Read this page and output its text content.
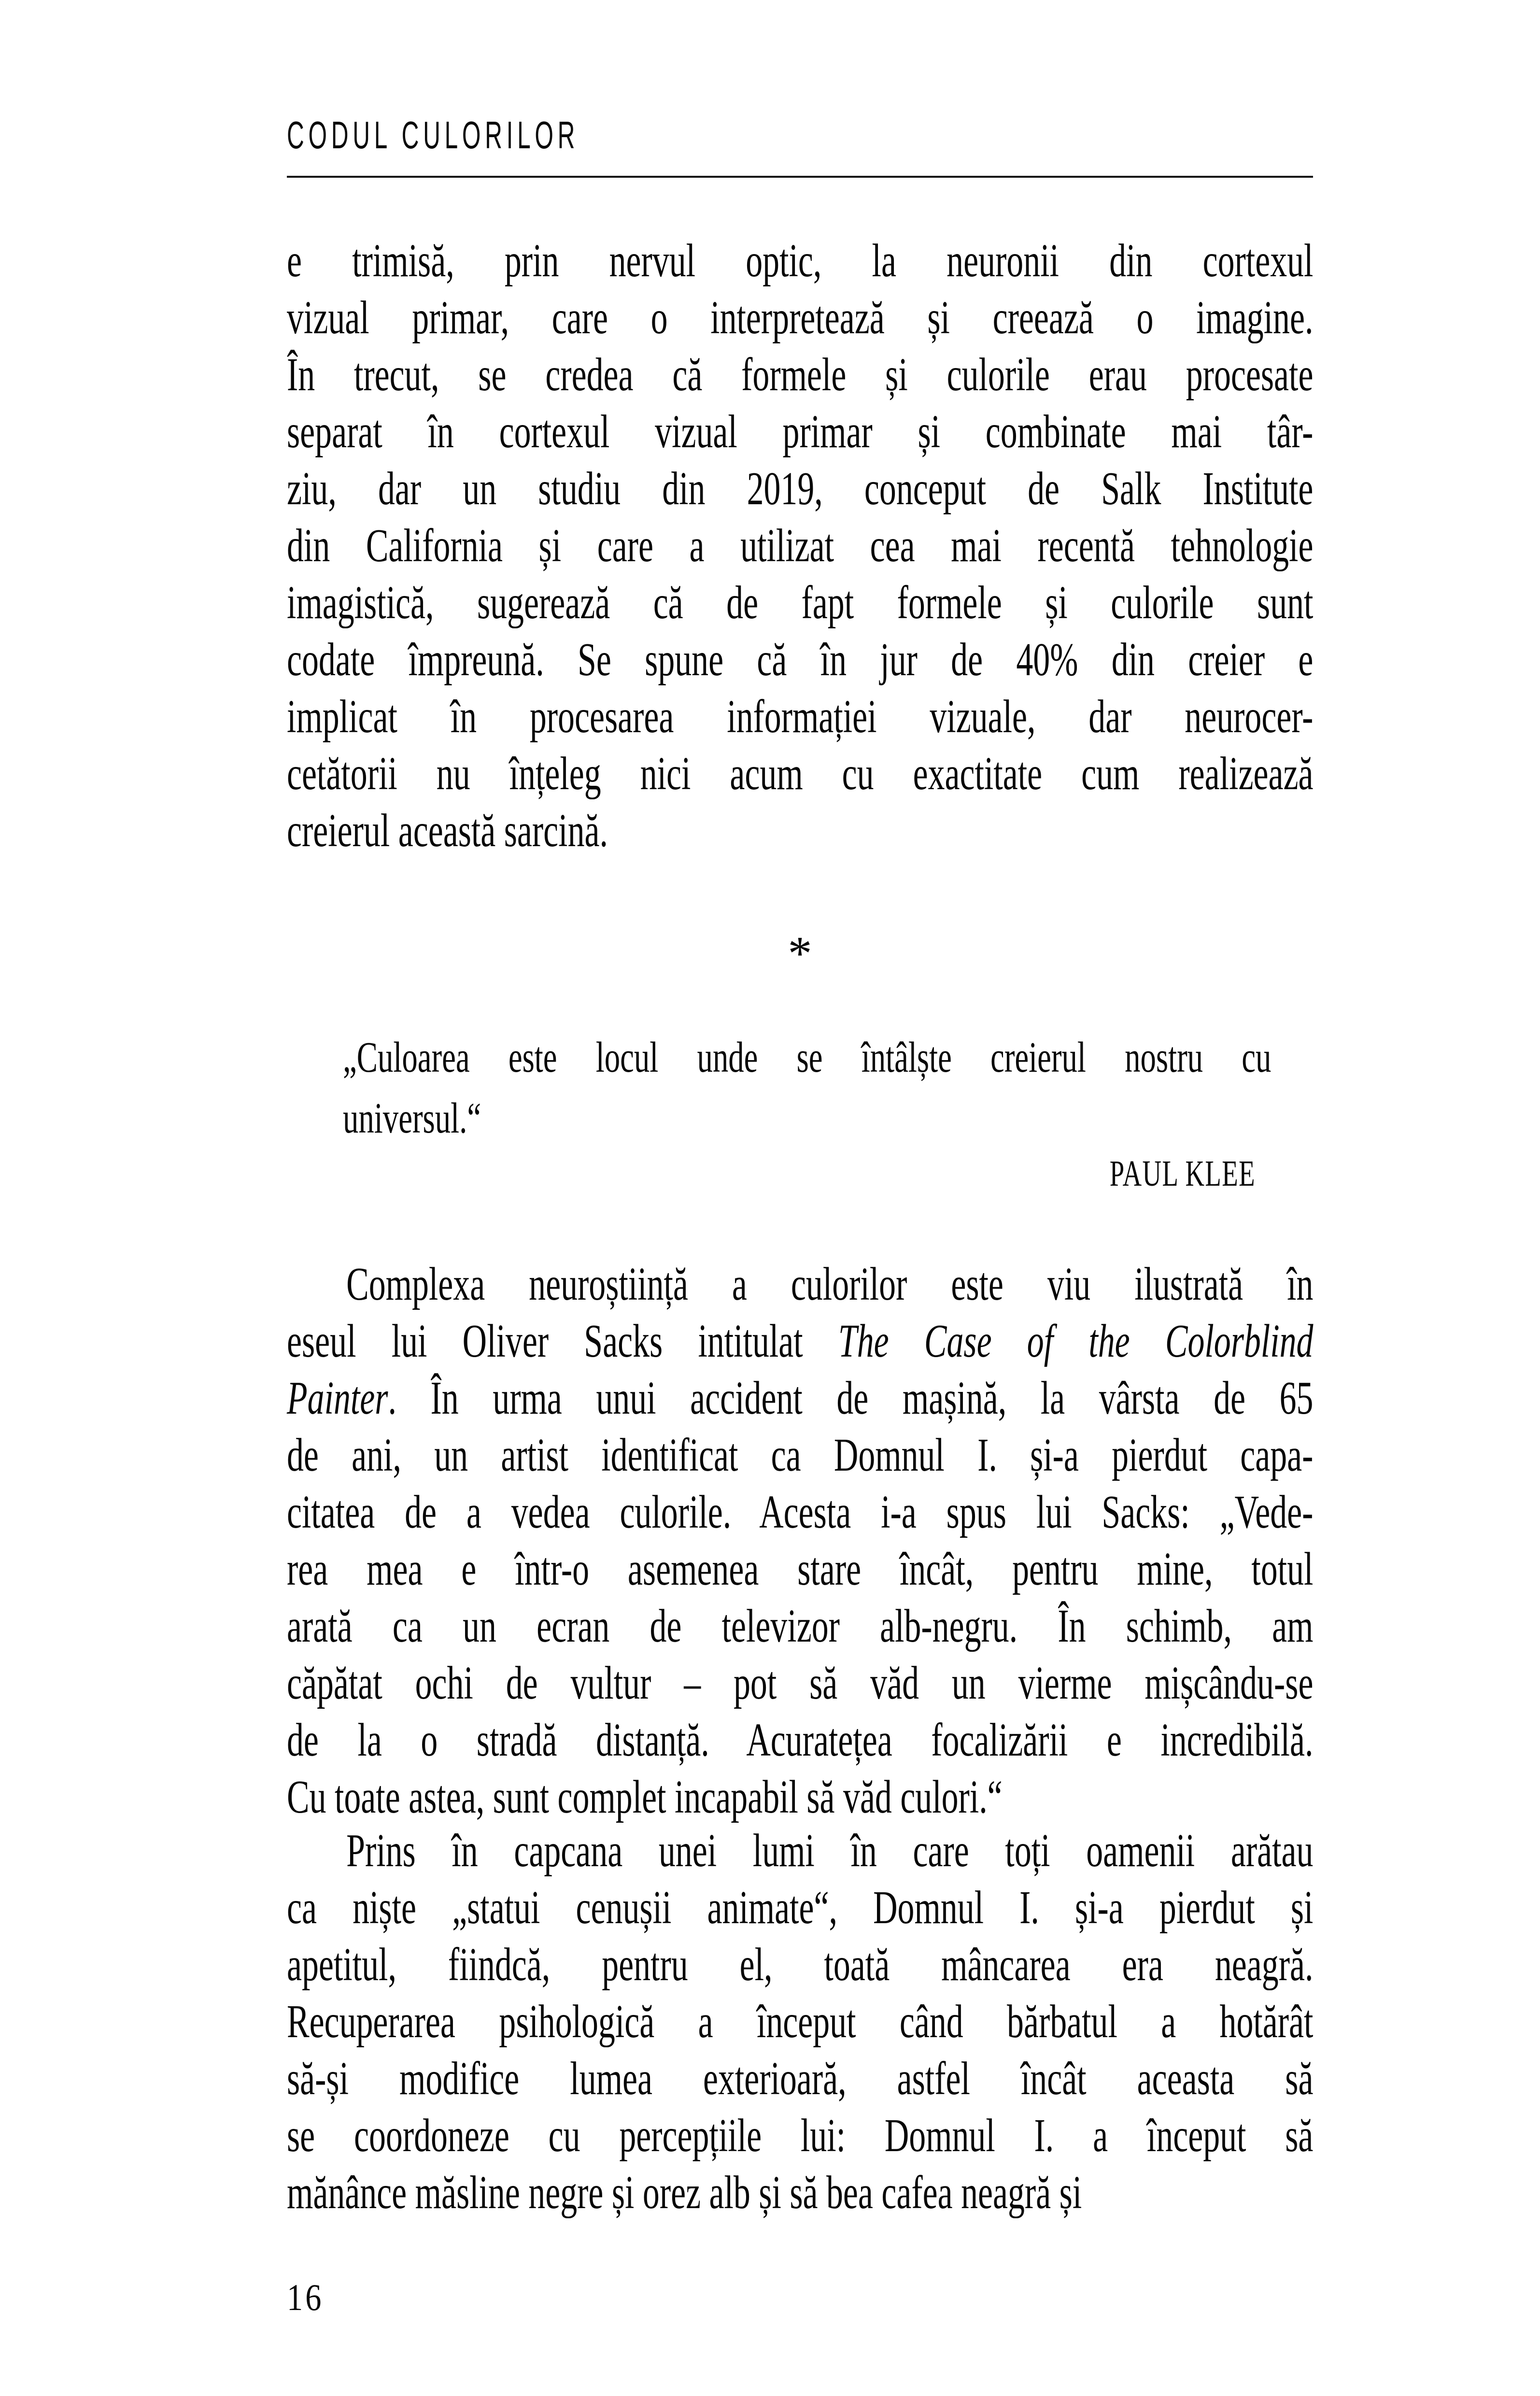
CODUL CULORILOR
e trimisă, prin nervul optic, la neuronii din cortexul
vizual primar, care o interpretează și creează o imagine.
În trecut, se credea că formele și culorile erau procesate
separat în cortexul vizual primar și combinate mai târ-
ziu, dar un studiu din 2019, conceput de Salk Institute
din California și care a utilizat cea mai recentă tehnologie
imagistică, sugerează că de fapt formele și culorile sunt
codate împreună. Se spune că în jur de 40% din creier e
implicat în procesarea informației vizuale, dar neurocer-
cetătorii nu înțeleg nici acum cu exactitate cum realizează
creierul această sarcină.
*
„Culoarea este locul unde se întâlște creierul nostru cu
universul.“
PAUL KLEE
Complexa neuroștiință a culorilor este viu ilustrată în
eseul lui Oliver Sacks intitulat The Case of the Colorblind
Painter. În urma unui accident de mașină, la vârsta de 65
de ani, un artist identificat ca Domnul I. și-a pierdut capa-
citatea de a vedea culorile. Acesta i-a spus lui Sacks: „Vede-
rea mea e într-o asemenea stare încât, pentru mine, totul
arată ca un ecran de televizor alb-negru. În schimb, am
căpătat ochi de vultur – pot să văd un vierme mișcându-se
de la o stradă distanță. Acuratețea focalizării e incredibilă.
Cu toate astea, sunt complet incapabil să văd culori.“
Prins în capcana unei lumi în care toți oamenii arătau
ca niște „statui cenușii animate“, Domnul I. și-a pierdut și
apetitul, fiindcă, pentru el, toată mâncarea era neagră.
Recuperarea psihologică a început când bărbatul a hotărât
să-și modifice lumea exterioară, astfel încât aceasta să
se coordoneze cu percepțiile lui: Domnul I. a început să
mănânce măsline negre și orez alb și să bea cafea neagră și
16
